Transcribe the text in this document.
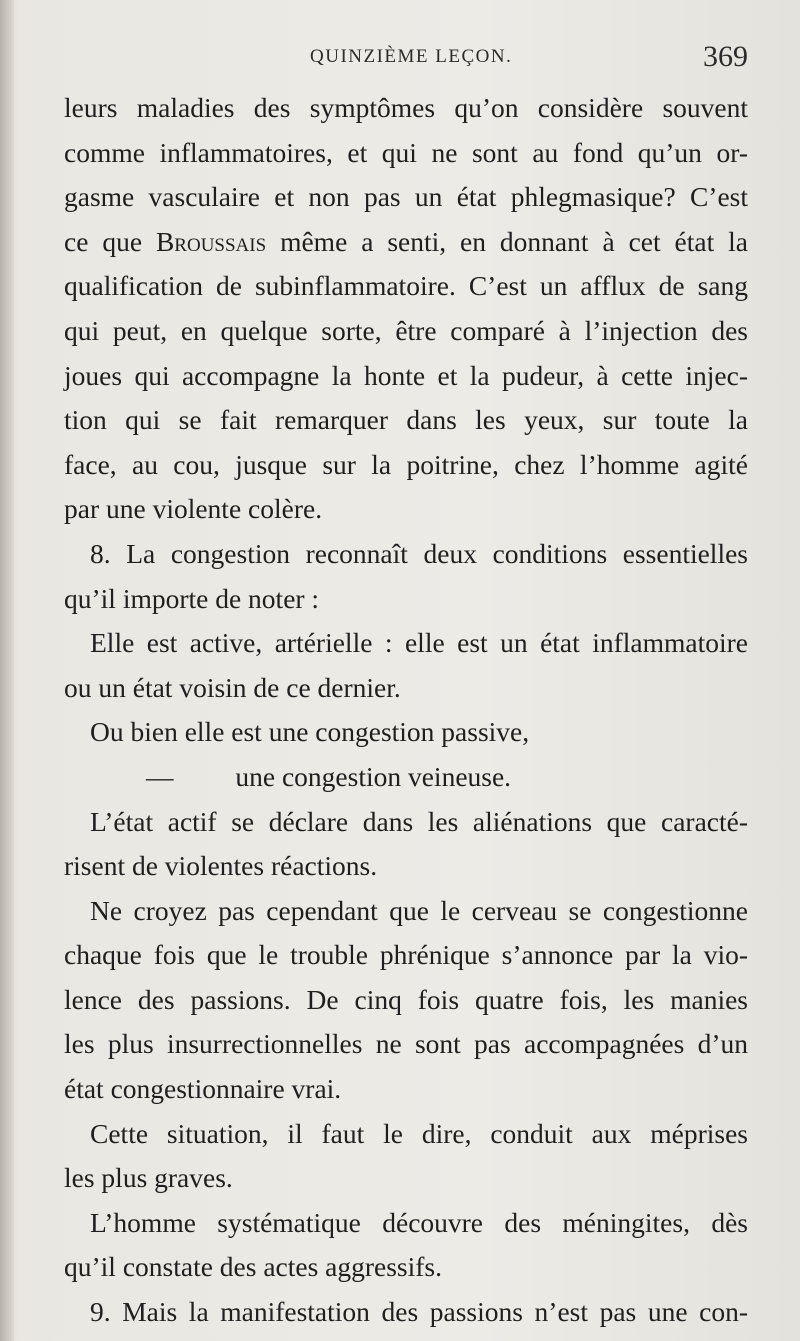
QUINZIÈME LEÇON.	369
leurs maladies des symptômes qu’on considère souvent
comme inflammatoires, et qui ne sont au fond qu’un or-
gasme vasculaire et non pas un état phlegmasique? C’est
ce que Broussais même a senti, en donnant à cet état la
qualification de subinflammatoire. C’est un afflux de sang
qui peut, en quelque sorte, être comparé à l’injection des
joues qui accompagne la honte et la pudeur, à cette injec-
tion qui se fait remarquer dans les yeux, sur toute la
face, au cou, jusque sur la poitrine, chez l’homme agité
par une violente colère.
8. La congestion reconnaît deux conditions essentielles
qu’il importe de noter :
Elle est active, artérielle : elle est un état inflammatoire
ou un état voisin de ce dernier.
Ou bien elle est une congestion passive,
—         une congestion veineuse.
L’état actif se déclare dans les aliénations que caracté-
risent de violentes réactions.
Ne croyez pas cependant que le cerveau se congestionne
chaque fois que le trouble phrénique s’annonce par la vio-
lence des passions. De cinq fois quatre fois, les manies
les plus insurrectionnelles ne sont pas accompagnées d’un
état congestionnaire vrai.
Cette situation, il faut le dire, conduit aux méprises
les plus graves.
L’homme systématique découvre des méningites, dès
qu’il constate des actes aggressifs.
9. Mais la manifestation des passions n’est pas une con-
